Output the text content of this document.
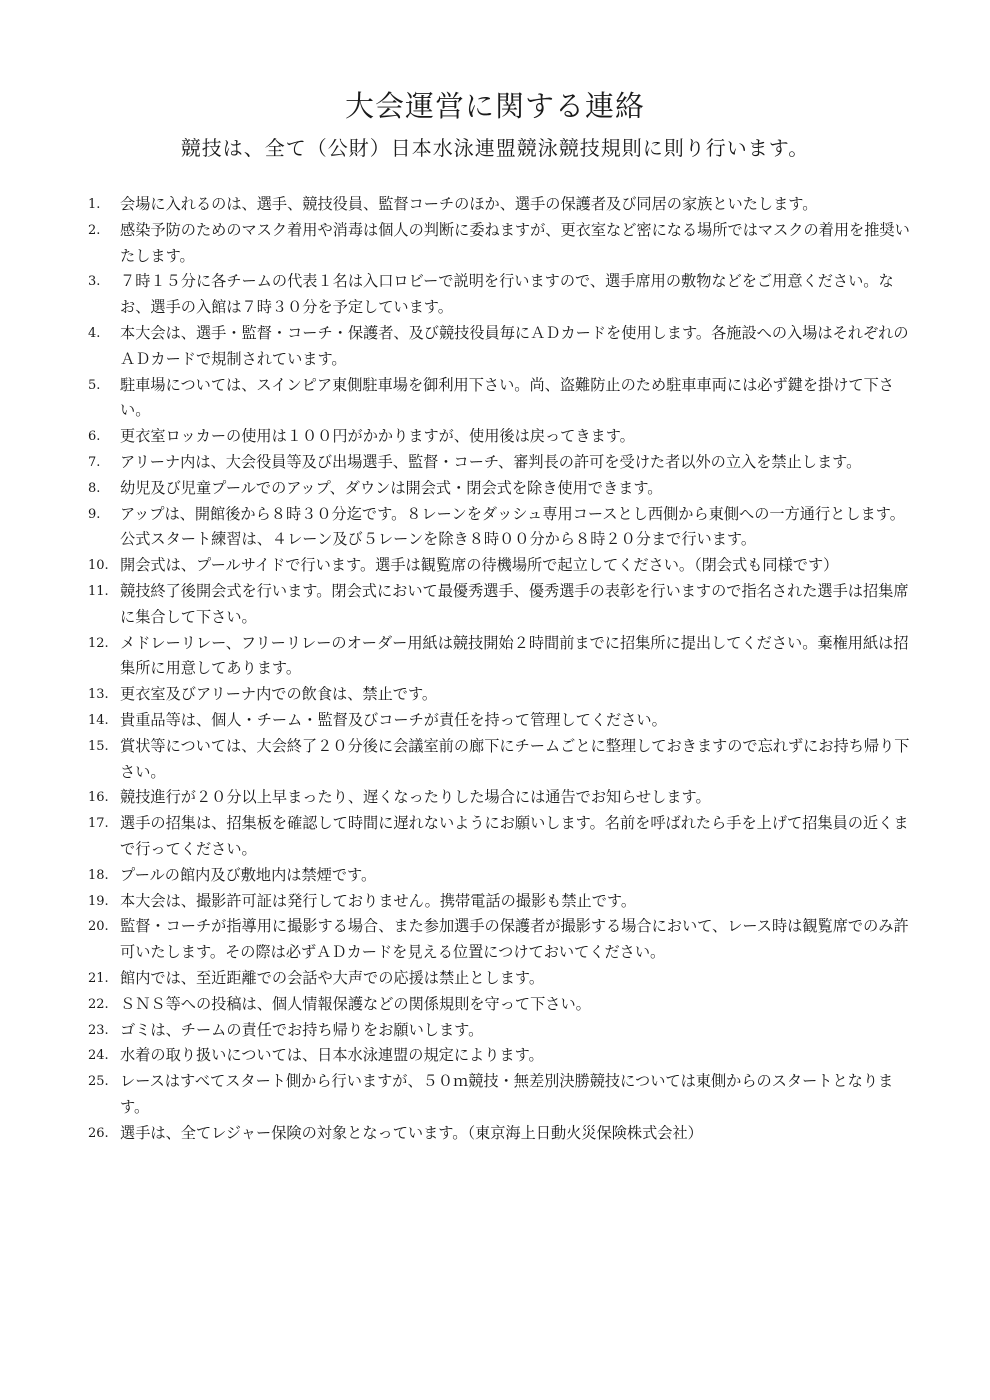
大会運営に関する連絡
競技は、全て（公財）日本水泳連盟競泳競技規則に則り行います。
1.	会場に入れるのは、選手、競技役員、監督コーチのほか、選手の保護者及び同居の家族といたします。
2.	感染予防のためのマスク着用や消毒は個人の判断に委ねますが、更衣室など密になる場所ではマスクの着用を推奨いたします。
3.	７時１５分に各チームの代表１名は入口ロビーで説明を行いますので、選手席用の敷物などをご用意ください。なお、選手の入館は７時３０分を予定しています。
4.	本大会は、選手・監督・コーチ・保護者、及び競技役員毎にＡＤカードを使用します。各施設への入場はそれぞれのＡＤカードで規制されています。
5.	駐車場については、スインピア東側駐車場を御利用下さい。尚、盗難防止のため駐車車両には必ず鍵を掛けて下さい。
6.	更衣室ロッカーの使用は１００円がかかりますが、使用後は戻ってきます。
7.	アリーナ内は、大会役員等及び出場選手、監督・コーチ、審判長の許可を受けた者以外の立入を禁止します。
8.	幼児及び児童プールでのアップ、ダウンは開会式・閉会式を除き使用できます。
9.	アップは、開館後から８時３０分迄です。８レーンをダッシュ専用コースとし西側から東側への一方通行とします。公式スタート練習は、４レーン及び５レーンを除き８時００分から８時２０分まで行います。
10. 開会式は、プールサイドで行います。選手は観覧席の待機場所で起立してください。（閉会式も同様です）
11. 競技終了後開会式を行います。閉会式において最優秀選手、優秀選手の表彰を行いますので指名された選手は招集席に集合して下さい。
12. メドレーリレー、フリーリレーのオーダー用紙は競技開始２時間前までに招集所に提出してください。棄権用紙は招集所に用意してあります。
13. 更衣室及びアリーナ内での飲食は、禁止です。
14. 貴重品等は、個人・チーム・監督及びコーチが責任を持って管理してください。
15. 賞状等については、大会終了２０分後に会議室前の廊下にチームごとに整理しておきますので忘れずにお持ち帰り下さい。
16. 競技進行が２０分以上早まったり、遅くなったりした場合には通告でお知らせします。
17. 選手の招集は、招集板を確認して時間に遅れないようにお願いします。名前を呼ばれたら手を上げて招集員の近くまで行ってください。
18. プールの館内及び敷地内は禁煙です。
19. 本大会は、撮影許可証は発行しておりません。携帯電話の撮影も禁止です。
20. 監督・コーチが指導用に撮影する場合、また参加選手の保護者が撮影する場合において、レース時は観覧席でのみ許可いたします。その際は必ずＡＤカードを見える位置につけておいてください。
21. 館内では、至近距離での会話や大声での応援は禁止とします。
22. ＳＮＳ等への投稿は、個人情報保護などの関係規則を守って下さい。
23. ゴミは、チームの責任でお持ち帰りをお願いします。
24. 水着の取り扱いについては、日本水泳連盟の規定によります。
25. レースはすべてスタート側から行いますが、５０ｍ競技・無差別決勝競技については東側からのスタートとなります。
26. 選手は、全てレジャー保険の対象となっています。（東京海上日動火災保険株式会社）
